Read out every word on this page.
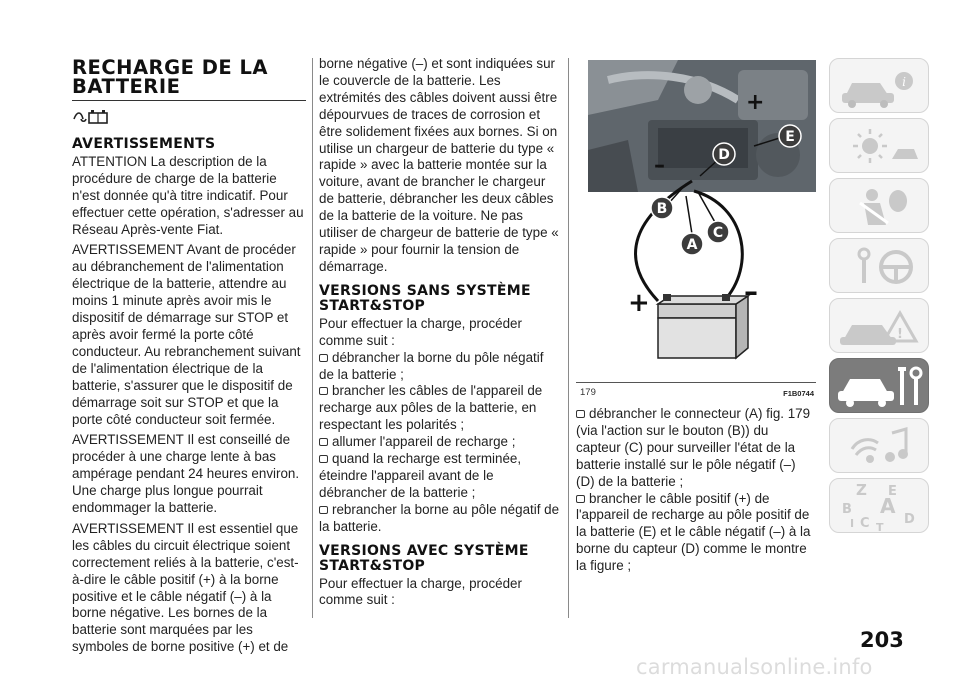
RECHARGE DE LA BATTERIE
AVERTISSEMENTS

ATTENTION La description de la procédure de charge de la batterie n'est donnée qu'à titre indicatif. Pour effectuer cette opération, s'adresser au Réseau Après-vente Fiat.

AVERTISSEMENT Avant de procéder au débranchement de l'alimentation électrique de la batterie, attendre au moins 1 minute après avoir mis le dispositif de démarrage sur STOP et après avoir fermé la porte côté conducteur. Au rebranchement suivant de l'alimentation électrique de la batterie, s'assurer que le dispositif de démarrage soit sur STOP et que la porte côté conducteur soit fermée.

AVERTISSEMENT Il est conseillé de procéder à une charge lente à bas ampérage pendant 24 heures environ. Une charge plus longue pourrait endommager la batterie.

AVERTISSEMENT Il est essentiel que les câbles du circuit électrique soient correctement reliés à la batterie, c'est-à-dire le câble positif (+) à la borne positive et le câble négatif (–) à la borne négative. Les bornes de la batterie sont marquées par les symboles de borne positive (+) et de

borne négative (–) et sont indiquées sur le couvercle de la batterie. Les extrémités des câbles doivent aussi être dépourvues de traces de corrosion et être solidement fixées aux bornes. Si on utilise un chargeur de batterie du type « rapide » avec la batterie montée sur la voiture, avant de brancher le chargeur de batterie, débrancher les deux câbles de la batterie de la voiture. Ne pas utiliser de chargeur de batterie de type « rapide » pour fournir la tension de démarrage.

VERSIONS SANS SYSTÈME START&STOP

Pour effectuer la charge, procéder comme suit :

débrancher la borne du pôle négatif de la batterie ;

brancher les câbles de l'appareil de recharge aux pôles de la batterie, en respectant les polarités ;

allumer l'appareil de recharge ;

quand la recharge est terminée, éteindre l'appareil avant de le débrancher de la batterie ;

rebrancher la borne au pôle négatif de la batterie.

VERSIONS AVEC SYSTÈME START&STOP

Pour effectuer la charge, procéder comme suit :

+	–
+
–
E
D
B
A
C
179	F1B0744

débrancher le connecteur (A) fig. 179 (via l'action sur le bouton (B)) du capteur (C) pour surveiller l'état de la batterie installé sur le pôle négatif (–) (D) de la batterie ;

brancher le câble positif (+) de l'appareil de recharge au pôle positif de la batterie (E) et le câble négatif (–) à la borne du capteur (D) comme le montre la figure ;

i
!
Z E
B A
I C T
D
203
carmanualsonline.info
